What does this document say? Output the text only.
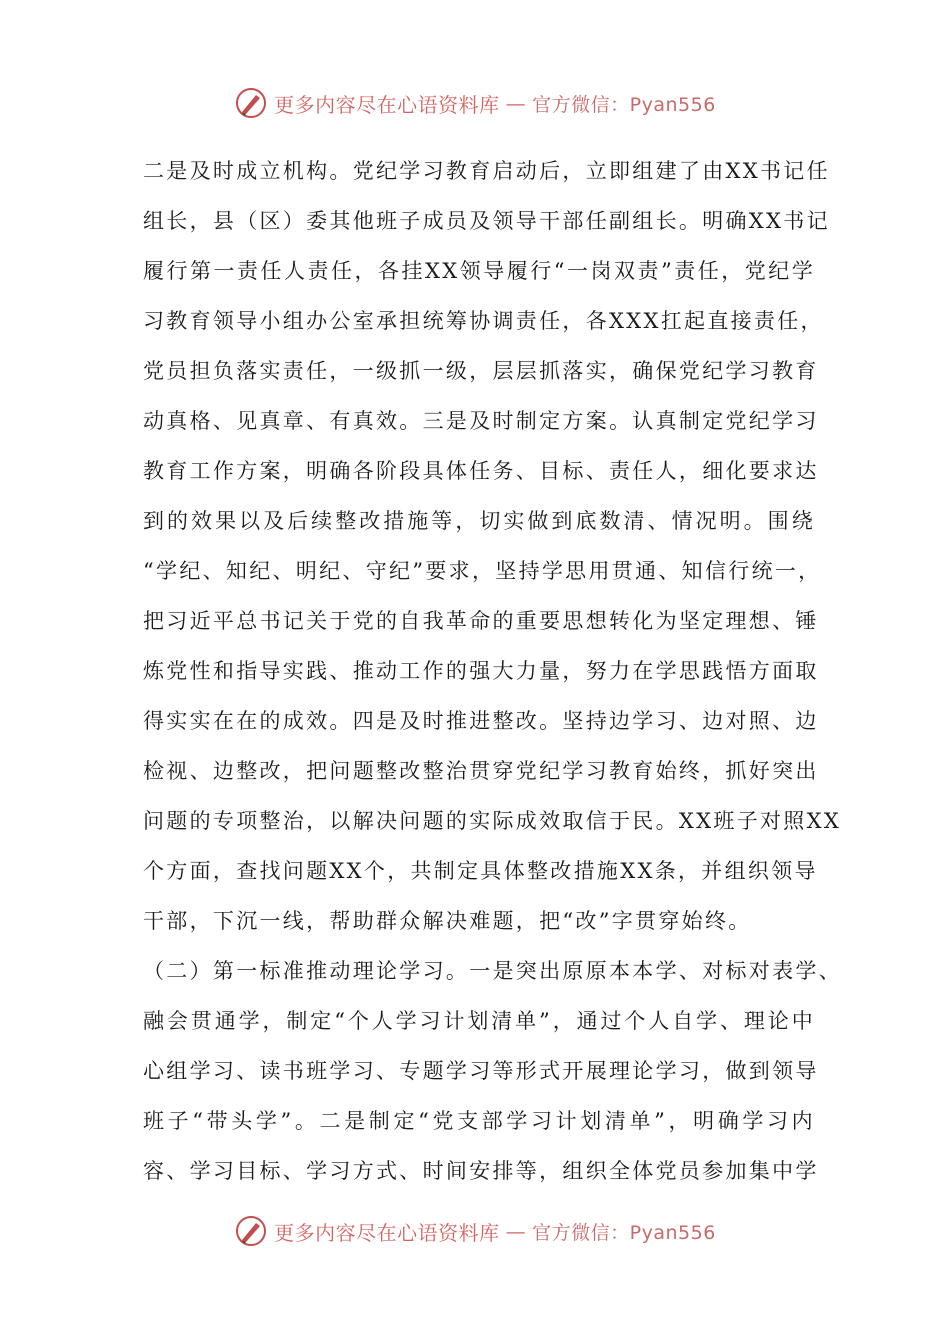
更多内容尽在心语资料库 — 官方微信：Pyan556
二是及时成立机构。党纪学习教育启动后，立即组建了由XX书记任
组长，县（区）委其他班子成员及领导干部任副组长。明确XX书记
履行第一责任人责任，各挂XX领导履行“一岗双责”责任，党纪学
习教育领导小组办公室承担统筹协调责任，各XXX扛起直接责任，
党员担负落实责任，一级抓一级，层层抓落实，确保党纪学习教育
动真格、见真章、有真效。三是及时制定方案。认真制定党纪学习
教育工作方案，明确各阶段具体任务、目标、责任人，细化要求达
到的效果以及后续整改措施等，切实做到底数清、情况明。围绕
“学纪、知纪、明纪、守纪”要求，坚持学思用贯通、知信行统一，
把习近平总书记关于党的自我革命的重要思想转化为坚定理想、锤
炼党性和指导实践、推动工作的强大力量，努力在学思践悟方面取
得实实在在的成效。四是及时推进整改。坚持边学习、边对照、边
检视、边整改，把问题整改整治贯穿党纪学习教育始终，抓好突出
问题的专项整治，以解决问题的实际成效取信于民。XX班子对照XX
个方面，查找问题XX个，共制定具体整改措施XX条，并组织领导
干部，下沉一线，帮助群众解决难题，把“改”字贯穿始终。
（二）第一标准推动理论学习。一是突出原原本本学、对标对表学、
融会贯通学，制定“个人学习计划清单”，通过个人自学、理论中
心组学习、读书班学习、专题学习等形式开展理论学习，做到领导
班子“带头学”。二是制定“党支部学习计划清单”，明确学习内
容、学习目标、学习方式、时间安排等，组织全体党员参加集中学
更多内容尽在心语资料库 — 官方微信：Pyan556
